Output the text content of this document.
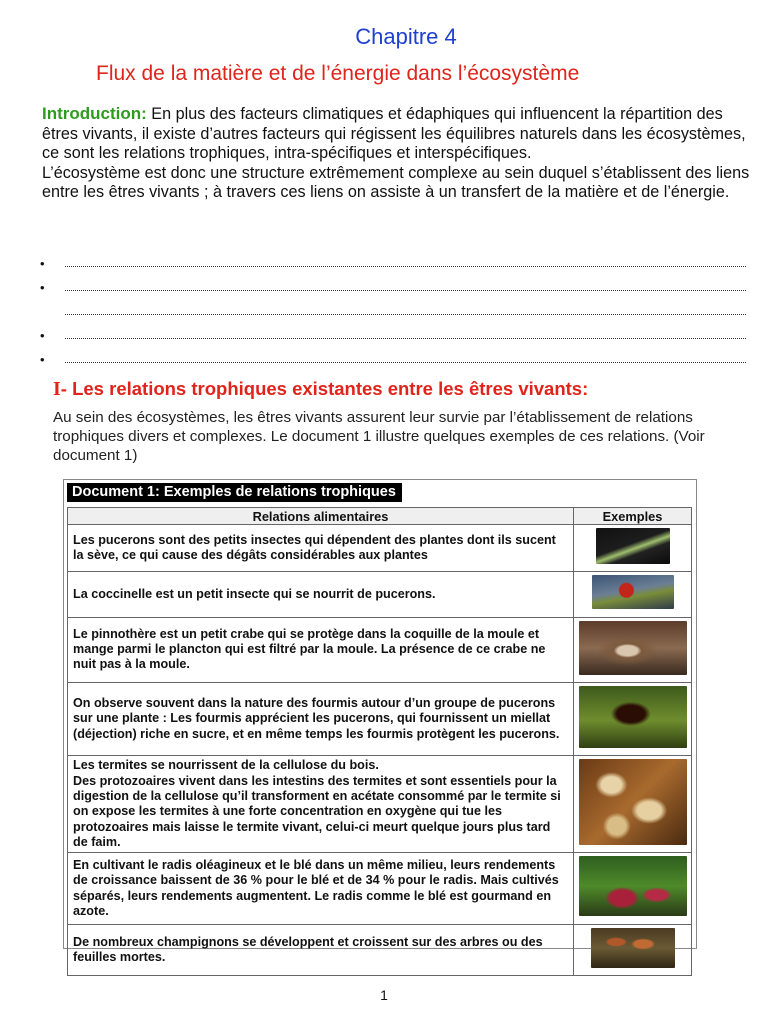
Chapitre 4
Flux de la matière et de l’énergie dans l’écosystème

Introduction: En plus des facteurs climatiques et édaphiques qui influencent la répartition des êtres vivants, il existe d’autres facteurs qui régissent les équilibres naturels dans les écosystèmes, ce sont les relations trophiques, intra-spécifiques et interspécifiques.

L’écosystème est donc une structure extrêmement complexe au sein duquel s’établissent des liens entre les êtres vivants ; à travers ces liens on assiste à un transfert de la matière et de l’énergie.

•
•
•
•
I- Les relations trophiques existantes entre les êtres vivants:
Au sein des écosystèmes, les êtres vivants assurent leur survie par l’établissement de relations trophiques divers et complexes. Le document 1 illustre quelques exemples de ces relations. (Voir document 1)
Document 1: Exemples de relations trophiques
Relations alimentaires	Exemples
Les pucerons sont des petits insectes qui dépendent des plantes dont ils sucent la sève, ce qui cause des dégâts considérables aux plantes	
La coccinelle est un petit insecte qui se nourrit de pucerons.	
Le pinnothère est un petit crabe qui se protège dans la coquille de la moule et mange parmi le plancton qui est filtré par la moule. La présence de ce crabe ne nuit pas à la moule.	
On observe souvent dans la nature des fourmis autour d’un groupe de pucerons sur une plante : Les fourmis apprécient les pucerons, qui fournissent un miellat (déjection) riche en sucre, et en même temps les fourmis protègent les pucerons.	
Les termites se nourrissent de la cellulose du bois.
Des protozoaires vivent dans les intestins des termites et sont essentiels pour la digestion de la cellulose qu’il transforment en acétate consommé par le termite si on expose les termites à une forte concentration en oxygène qui tue les protozoaires mais laisse le termite vivant, celui-ci meurt quelque jours plus tard de faim.	
En cultivant le radis oléagineux et le blé dans un même milieu, leurs rendements de croissance baissent de 36 % pour le blé et de 34 % pour le radis. Mais cultivés séparés, leurs rendements augmentent. Le radis comme le blé est gourmand en azote.	
De nombreux champignons se développent et croissent sur des arbres ou des feuilles mortes.	
1
